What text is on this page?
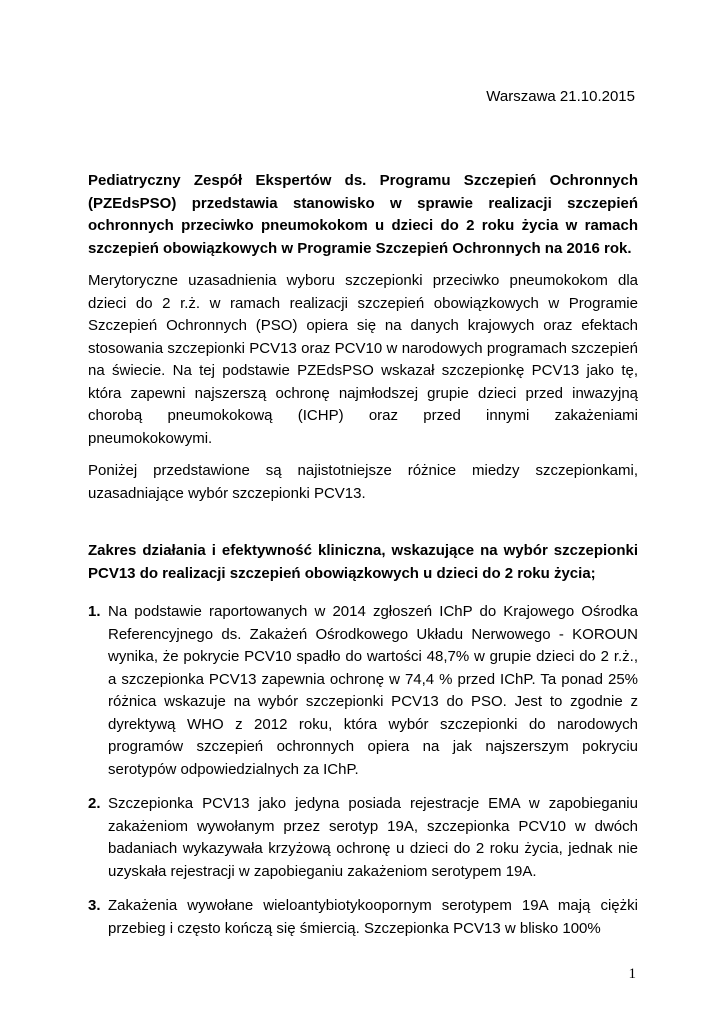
Warszawa 21.10.2015
Pediatryczny Zespół Ekspertów ds. Programu Szczepień Ochronnych (PZEdsPSO) przedstawia stanowisko w sprawie realizacji szczepień ochronnych przeciwko pneumokokom u dzieci do 2 roku życia w ramach szczepień obowiązkowych w Programie Szczepień Ochronnych na 2016 rok.
Merytoryczne uzasadnienia wyboru szczepionki przeciwko pneumokokom dla dzieci do 2 r.ż. w ramach realizacji szczepień obowiązkowych w Programie Szczepień Ochronnych (PSO) opiera się na danych krajowych oraz efektach stosowania szczepionki PCV13 oraz PCV10 w narodowych programach szczepień na świecie. Na tej podstawie PZEdsPSO wskazał szczepionkę PCV13 jako tę, która zapewni najszerszą ochronę najmłodszej grupie dzieci przed inwazyjną chorobą pneumokokową (ICHP) oraz przed innymi zakażeniami pneumokokowymi.
Poniżej przedstawione są najistotniejsze różnice miedzy szczepionkami, uzasadniające wybór szczepionki PCV13.
Zakres działania i efektywność kliniczna, wskazujące na wybór szczepionki PCV13 do realizacji szczepień obowiązkowych u dzieci do 2 roku życia;
1. Na podstawie raportowanych w 2014 zgłoszeń IChP do Krajowego Ośrodka Referencyjnego ds. Zakażeń Ośrodkowego Układu Nerwowego - KOROUN wynika, że pokrycie PCV10 spadło do wartości 48,7% w grupie dzieci do 2 r.ż., a szczepionka PCV13 zapewnia ochronę w 74,4 % przed IChP. Ta ponad 25% różnica wskazuje na wybór szczepionki PCV13 do PSO. Jest to zgodnie z dyrektywą WHO z 2012 roku, która wybór szczepionki do narodowych programów szczepień ochronnych opiera na jak najszerszym pokryciu serotypów odpowiedzialnych za IChP.
2. Szczepionka PCV13 jako jedyna posiada rejestracje EMA w zapobieganiu zakażeniom wywołanym przez serotyp 19A, szczepionka PCV10 w dwóch badaniach wykazywała krzyżową ochronę u dzieci do 2 roku życia, jednak nie uzyskała rejestracji w zapobieganiu zakażeniom serotypem 19A.
3. Zakażenia wywołane wieloantybiotykoopornym serotypem 19A mają ciężki przebieg i często kończą się śmiercią. Szczepionka PCV13 w blisko 100%
1
